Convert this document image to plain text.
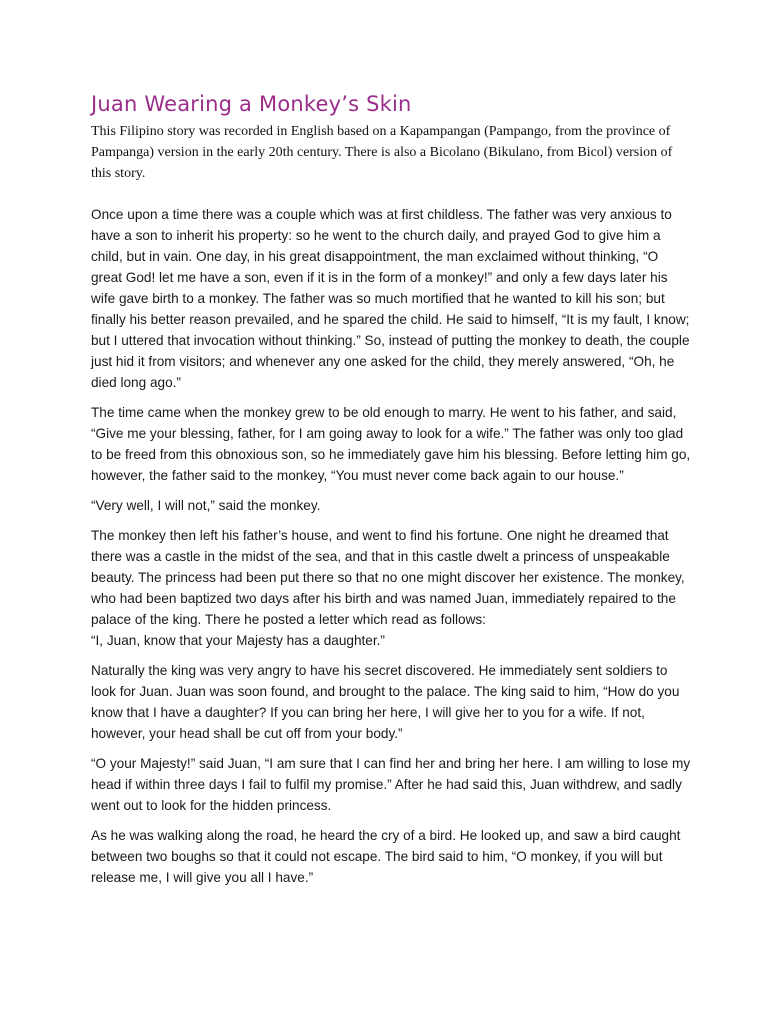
Juan Wearing a Monkey’s Skin

This Filipino story was recorded in English based on a Kapampangan (Pampango, from the province of Pampanga) version in the early 20th century. There is also a Bicolano (Bikulano, from Bicol) version of this story.

Once upon a time there was a couple which was at first childless. The father was very anxious to have a son to inherit his property: so he went to the church daily, and prayed God to give him a child, but in vain. One day, in his great disappointment, the man exclaimed without thinking, “O great God! let me have a son, even if it is in the form of a monkey!” and only a few days later his wife gave birth to a monkey. The father was so much mortified that he wanted to kill his son; but finally his better reason prevailed, and he spared the child. He said to himself, “It is my fault, I know; but I uttered that invocation without thinking.” So, instead of putting the monkey to death, the couple just hid it from visitors; and whenever any one asked for the child, they merely answered, “Oh, he died long ago.”

The time came when the monkey grew to be old enough to marry. He went to his father, and said, “Give me your blessing, father, for I am going away to look for a wife.” The father was only too glad to be freed from this obnoxious son, so he immediately gave him his blessing. Before letting him go, however, the father said to the monkey, “You must never come back again to our house.”

“Very well, I will not,” said the monkey.

The monkey then left his father’s house, and went to find his fortune. One night he dreamed that there was a castle in the midst of the sea, and that in this castle dwelt a princess of unspeakable beauty. The princess had been put there so that no one might discover her existence. The monkey, who had been baptized two days after his birth and was named Juan, immediately repaired to the palace of the king. There he posted a letter which read as follows:

“I, Juan, know that your Majesty has a daughter.”

Naturally the king was very angry to have his secret discovered. He immediately sent soldiers to look for Juan. Juan was soon found, and brought to the palace. The king said to him, “How do you know that I have a daughter? If you can bring her here, I will give her to you for a wife. If not, however, your head shall be cut off from your body.”

“O your Majesty!” said Juan, “I am sure that I can find her and bring her here. I am willing to lose my head if within three days I fail to fulfil my promise.” After he had said this, Juan withdrew, and sadly went out to look for the hidden princess.

As he was walking along the road, he heard the cry of a bird. He looked up, and saw a bird caught between two boughs so that it could not escape. The bird said to him, “O monkey, if you will but release me, I will give you all I have.”
